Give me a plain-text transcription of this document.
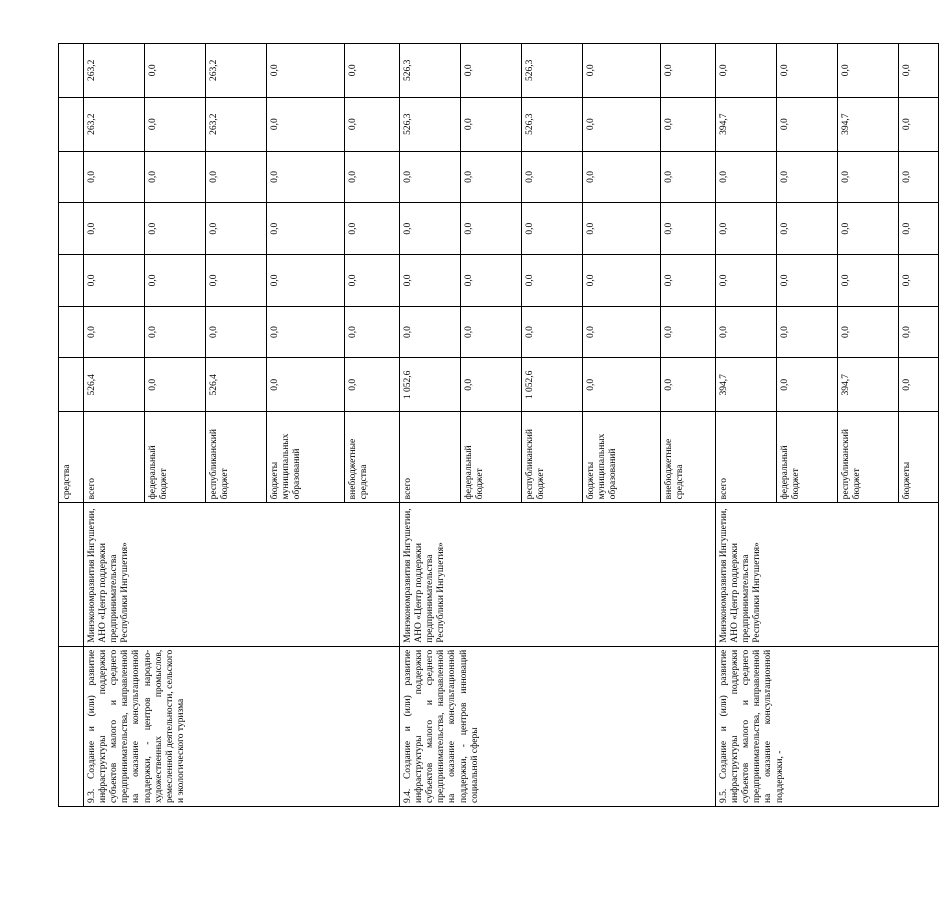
		средства							
9.3. Создание и (или) развитие инфраструктуры поддержки субъектов малого и среднего предпринимательства, направленной на оказание консультационной поддержки, - центров народно-художественных промыслов, ремесленной деятельности, сельского и экологического туризма	Минэкономразвития Ингушетии, АНО «Центр поддержки предпринимательства Республики Ингушетия»	всего	526,4	0,0	0,0	0,0	0,0	263,2	263,2
		федеральный бюджет	0,0	0,0	0,0	0,0	0,0	0,0	0,0
		республиканский бюджет	526,4	0,0	0,0	0,0	0,0	263,2	263,2
		бюджеты муниципальных образований	0,0	0,0	0,0	0,0	0,0	0,0	0,0
		внебюджетные средства	0,0	0,0	0,0	0,0	0,0	0,0	0,0
9.4. Создание и (или) развитие инфраструктуры поддержки субъектов малого и среднего предпринимательства, направленной на оказание консультационной поддержки, - центров инноваций социальной сферы	Минэкономразвития Ингушетии, АНО «Центр поддержки предпринимательства Республики Ингушетия»	всего	1 052,6	0,0	0,0	0,0	0,0	526,3	526,3
		федеральный бюджет	0,0	0,0	0,0	0,0	0,0	0,0	0,0
		республиканский бюджет	1 052,6	0,0	0,0	0,0	0,0	526,3	526,3
		бюджеты муниципальных образований	0,0	0,0	0,0	0,0	0,0	0,0	0,0
		внебюджетные средства	0,0	0,0	0,0	0,0	0,0	0,0	0,0
9.5. Создание и (или) развитие инфраструктуры поддержки субъектов малого и среднего предпринимательства, направленной на оказание консультационной поддержки, -	Минэкономразвития Ингушетии, АНО «Центр поддержки предпринимательства Республики Ингушетия»	всего	394,7	0,0	0,0	0,0	0,0	394,7	0,0
		федеральный бюджет	0,0	0,0	0,0	0,0	0,0	0,0	0,0
		республиканский бюджет	394,7	0,0	0,0	0,0	0,0	394,7	0,0
		бюджеты	0,0	0,0	0,0	0,0	0,0	0,0	0,0
